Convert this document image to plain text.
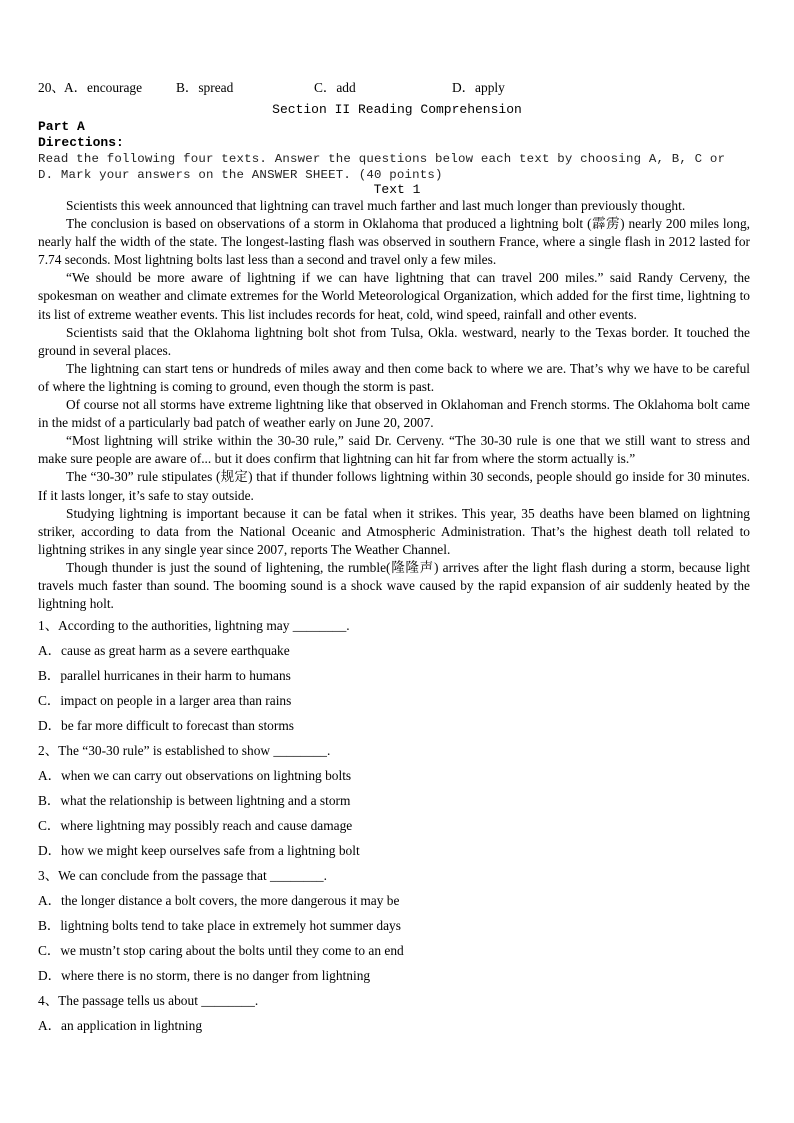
20、A．encourage	B．spread	C．add	D．apply
Section II Reading Comprehension
Part A
Directions:
Read the following four texts. Answer the questions below each text by choosing A, B, C or D. Mark your answers on the ANSWER SHEET. (40 points)
Text 1

Scientists this week announced that lightning can travel much farther and last much longer than previously thought.

The conclusion is based on observations of a storm in Oklahoma that produced a lightning bolt (霹雳) nearly 200 miles long, nearly half the width of the state. The longest-lasting flash was observed in southern France, where a single flash in 2012 lasted for 7.74 seconds. Most lightning bolts last less than a second and travel only a few miles.

“We should be more aware of lightning if we can have lightning that can travel 200 miles.” said Randy Cerveny, the spokesman on weather and climate extremes for the World Meteorological Organization, which added for the first time, lightning to its list of extreme weather events. This list includes records for heat, cold, wind speed, rainfall and other events.

Scientists said that the Oklahoma lightning bolt shot from Tulsa, Okla. westward, nearly to the Texas border. It touched the ground in several places.

The lightning can start tens or hundreds of miles away and then come back to where we are. That’s why we have to be careful of where the lightning is coming to ground, even though the storm is past.

Of course not all storms have extreme lightning like that observed in Oklahoman and French storms. The Oklahoma bolt came in the midst of a particularly bad patch of weather early on June 20, 2007.

“Most lightning will strike within the 30-30 rule,” said Dr. Cerveny. “The 30-30 rule is one that we still want to stress and make sure people are aware of... but it does confirm that lightning can hit far from where the storm actually is.”

The “30-30” rule stipulates (规定) that if thunder follows lightning within 30 seconds, people should go inside for 30 minutes. If it lasts longer, it’s safe to stay outside.

Studying lightning is important because it can be fatal when it strikes. This year, 35 deaths have been blamed on lightning striker, according to data from the National Oceanic and Atmospheric Administration. That’s the highest death toll related to lightning strikes in any single year since 2007, reports The Weather Channel.

Though thunder is just the sound of lightening, the rumble(隆隆声) arrives after the light flash during a storm, because light travels much faster than sound. The booming sound is a shock wave caused by the rapid expansion of air suddenly heated by the lightning holt.

1、According to the authorities, lightning may ________.
A．cause as great harm as a severe earthquake
B．parallel hurricanes in their harm to humans
C．impact on people in a larger area than rains
D．be far more difficult to forecast than storms
2、The “30-30 rule” is established to show ________.
A．when we can carry out observations on lightning bolts
B．what the relationship is between lightning and a storm
C．where lightning may possibly reach and cause damage
D．how we might keep ourselves safe from a lightning bolt
3、We can conclude from the passage that ________.
A．the longer distance a bolt covers, the more dangerous it may be
B．lightning bolts tend to take place in extremely hot summer days
C．we mustn’t stop caring about the bolts until they come to an end
D．where there is no storm, there is no danger from lightning
4、The passage tells us about ________.
A．an application in lightning
